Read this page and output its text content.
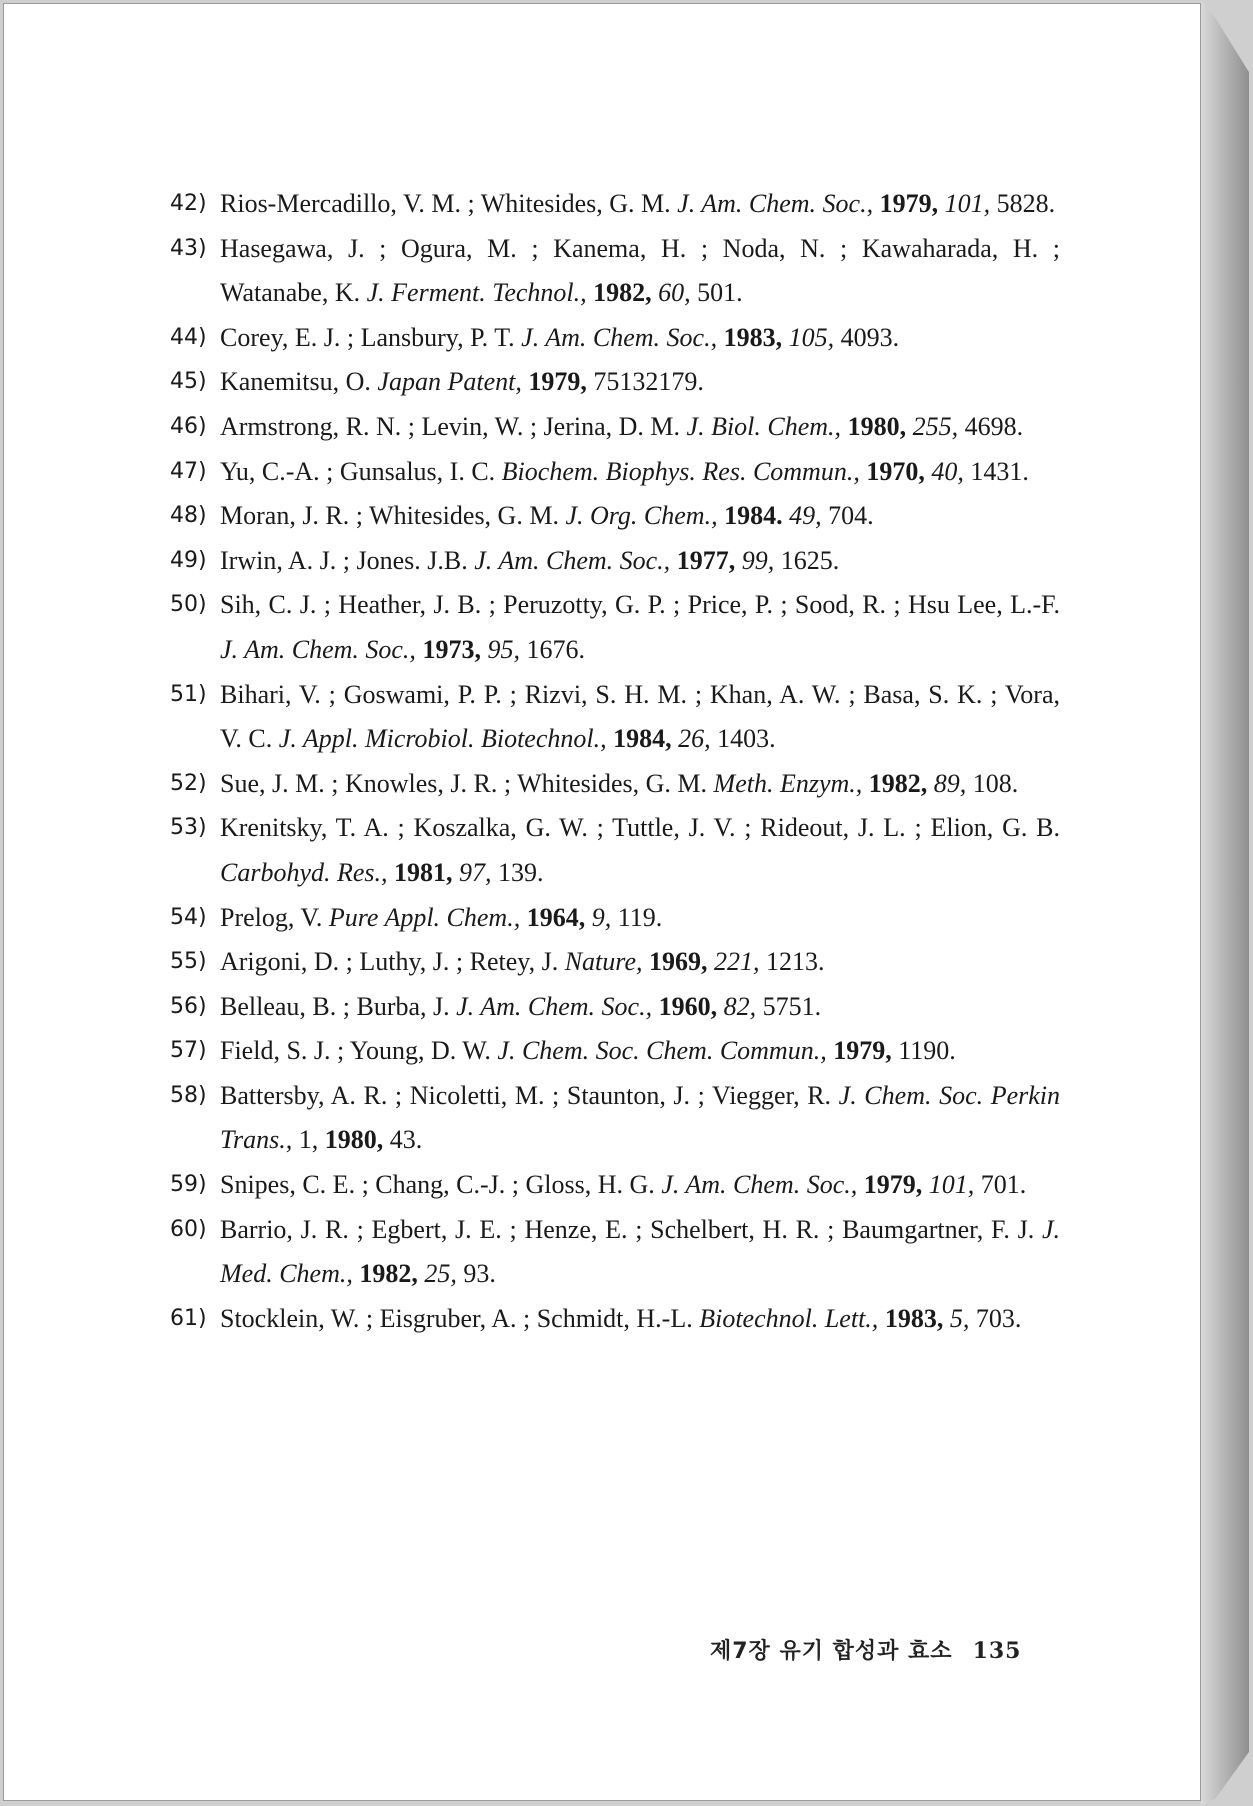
42) Rios-Mercadillo, V. M. ; Whitesides, G. M. J. Am. Chem. Soc., 1979, 101, 5828.
43) Hasegawa, J. ; Ogura, M. ; Kanema, H. ; Noda, N. ; Kawaharada, H. ; Watanabe, K. J. Ferment. Technol., 1982, 60, 501.
44) Corey, E. J. ; Lansbury, P. T. J. Am. Chem. Soc., 1983, 105, 4093.
45) Kanemitsu, O. Japan Patent, 1979, 75132179.
46) Armstrong, R. N. ; Levin, W. ; Jerina, D. M. J. Biol. Chem., 1980, 255, 4698.
47) Yu, C.-A. ; Gunsalus, I. C. Biochem. Biophys. Res. Commun., 1970, 40, 1431.
48) Moran, J. R. ; Whitesides, G. M. J. Org. Chem., 1984. 49, 704.
49) Irwin, A. J. ; Jones. J.B. J. Am. Chem. Soc., 1977, 99, 1625.
50) Sih, C. J. ; Heather, J. B. ; Peruzotty, G. P. ; Price, P. ; Sood, R. ; Hsu Lee, L.-F. J. Am. Chem. Soc., 1973, 95, 1676.
51) Bihari, V. ; Goswami, P. P. ; Rizvi, S. H. M. ; Khan, A. W. ; Basa, S. K. ; Vora, V. C. J. Appl. Microbiol. Biotechnol., 1984, 26, 1403.
52) Sue, J. M. ; Knowles, J. R. ; Whitesides, G. M. Meth. Enzym., 1982, 89, 108.
53) Krenitsky, T. A. ; Koszalka, G. W. ; Tuttle, J. V. ; Rideout, J. L. ; Elion, G. B. Carbohyd. Res., 1981, 97, 139.
54) Prelog, V. Pure Appl. Chem., 1964, 9, 119.
55) Arigoni, D. ; Luthy, J. ; Retey, J. Nature, 1969, 221, 1213.
56) Belleau, B. ; Burba, J. J. Am. Chem. Soc., 1960, 82, 5751.
57) Field, S. J. ; Young, D. W. J. Chem. Soc. Chem. Commun., 1979, 1190.
58) Battersby, A. R. ; Nicoletti, M. ; Staunton, J. ; Viegger, R. J. Chem. Soc. Perkin Trans., 1, 1980, 43.
59) Snipes, C. E. ; Chang, C.-J. ; Gloss, H. G. J. Am. Chem. Soc., 1979, 101, 701.
60) Barrio, J. R. ; Egbert, J. E. ; Henze, E. ; Schelbert, H. R. ; Baumgartner, F. J. J. Med. Chem., 1982, 25, 93.
61) Stocklein, W. ; Eisgruber, A. ; Schmidt, H.-L. Biotechnol. Lett., 1983, 5, 703.
제7장 유기 합성과 효소 135
